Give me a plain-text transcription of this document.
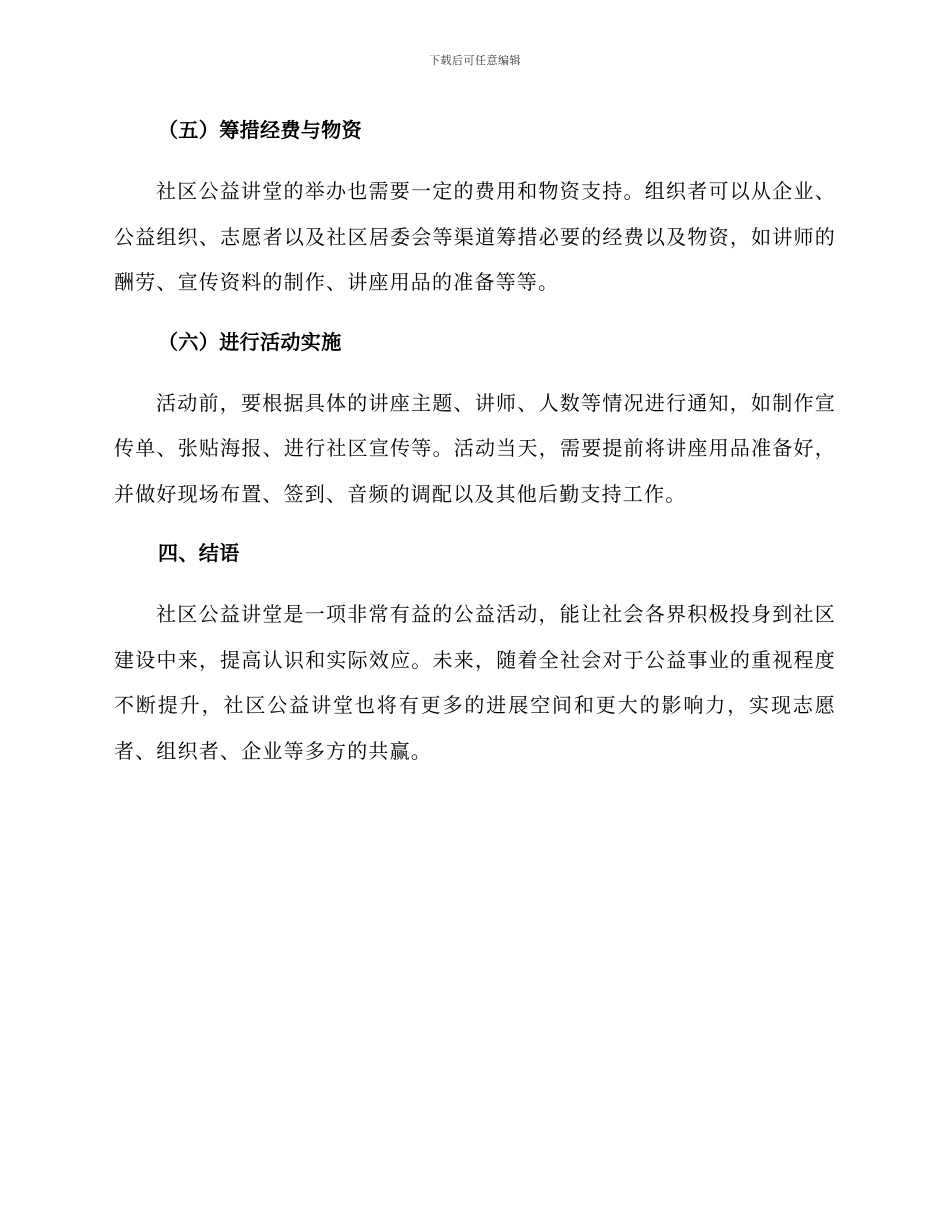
下载后可任意编辑
（五）筹措经费与物资

社区公益讲堂的举办也需要一定的费用和物资支持。组织者可以从企业、公益组织、志愿者以及社区居委会等渠道筹措必要的经费以及物资，如讲师的酬劳、宣传资料的制作、讲座用品的准备等等。

（六）进行活动实施

活动前，要根据具体的讲座主题、讲师、人数等情况进行通知，如制作宣传单、张贴海报、进行社区宣传等。活动当天，需要提前将讲座用品准备好，并做好现场布置、签到、音频的调配以及其他后勤支持工作。

四、结语

社区公益讲堂是一项非常有益的公益活动，能让社会各界积极投身到社区建设中来，提高认识和实际效应。未来，随着全社会对于公益事业的重视程度不断提升，社区公益讲堂也将有更多的进展空间和更大的影响力，实现志愿者、组织者、企业等多方的共赢。
